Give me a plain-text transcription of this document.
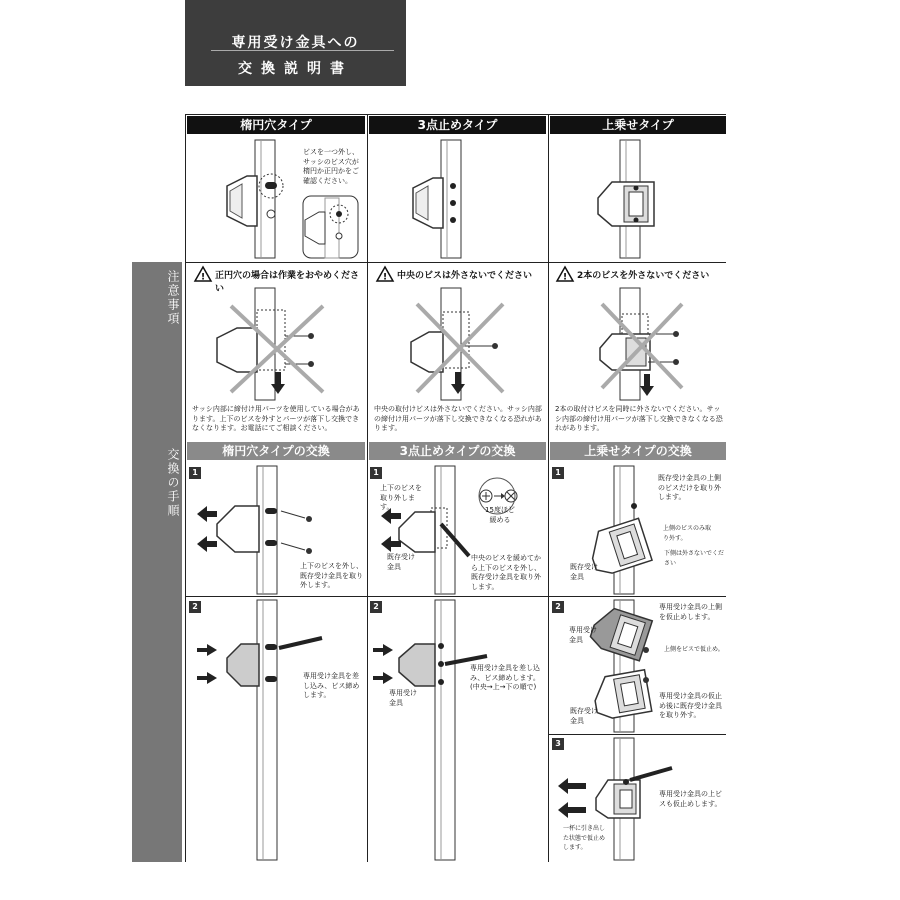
専用受け金具への
交換説明書
注意事項
交換の手順
楕円穴タイプ	3点止めタイプ	上乗せタイプ
ビスを一つ外し、サッシのビス穴が楕円か正円かをご確認ください。
! 正円穴の場合は作業をおやめください
! 中央のビスは外さないでください	! 2本のビスを外さないでください
サッシ内部に締付け用パーツを使用している場合があります。上下のビスを外すとパーツが落下し交換できなくなります。お電話にてご相談ください。
中央の取付けビスは外さないでください。サッシ内部の締付け用パーツが落下し交換できなくなる恐れがあります。
2本の取付けビスを同時に外さないでください。サッシ内部の締付け用パーツが落下し交換できなくなる恐れがあります。
楕円穴タイプの交換	3点止めタイプの交換	上乗せタイプの交換
1
上下のビスを外し、既存受け金具を取り外します。
2
専用受け金具を差し込み、ビス締めします。
1
上下のビスを取り外します。	15度ほど緩める
既存受け金具
中央のビスを緩めてから上下のビスを外し、既存受け金具を取り外します。
2
専用受け金具
専用受け金具を差し込み、ビス締めします。(中央→上→下の順で)
1
既存受け金具の上側のビスだけを取り外します。
上側のビスのみ取り外す。
下側は外さないでください
既存受け金具
2
専用受け金具
専用受け金具の上側を仮止めします。
上側をビスで仮止め。
専用受け金具の仮止め後に既存受け金具を取り外す。
既存受け金具
3
専用受け金具の上ビスも仮止めします。
一杯に引き出した状態で仮止めします。
